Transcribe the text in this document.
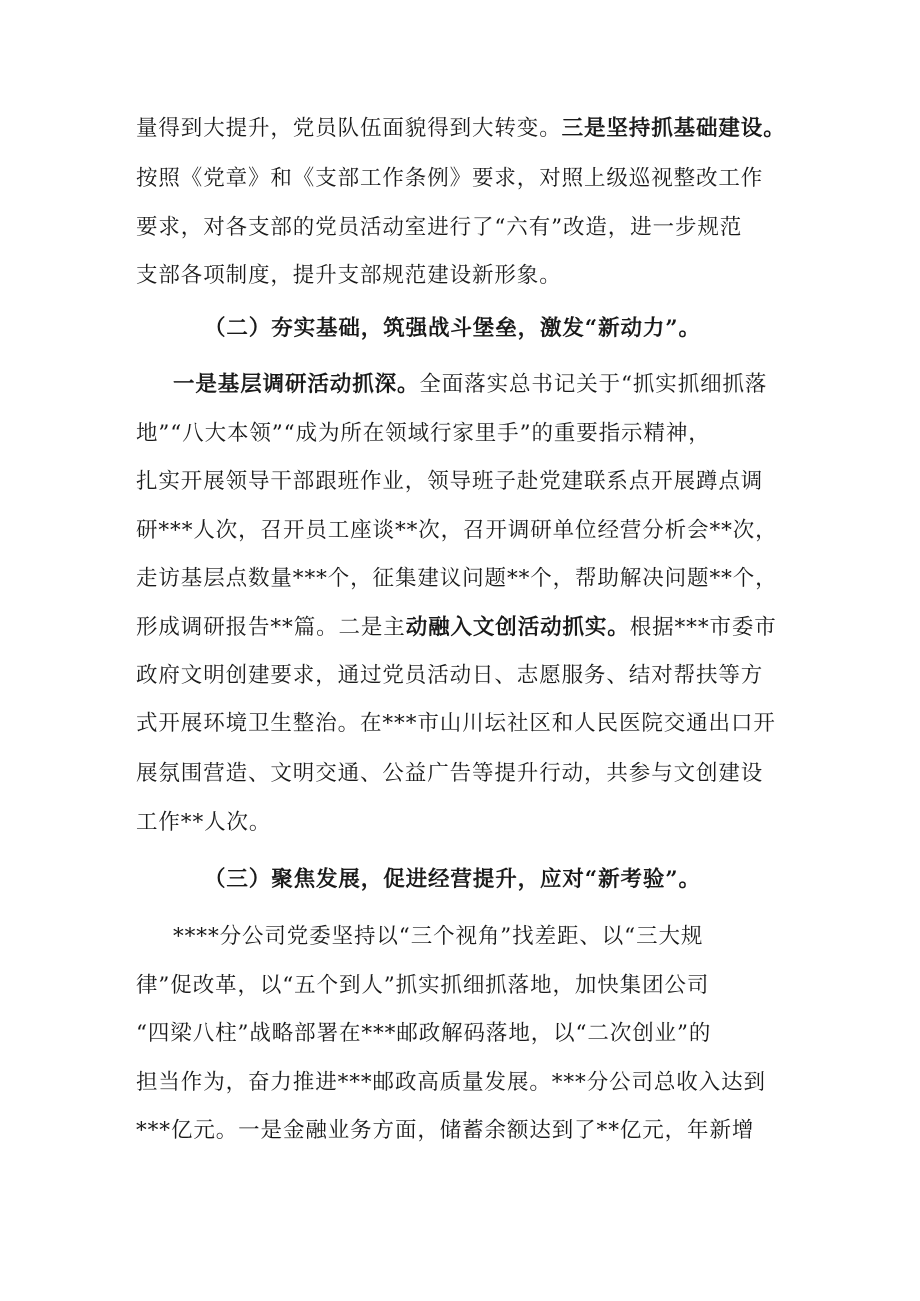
量得到大提升，党员队伍面貌得到大转变。三是坚持抓基础建设。
按照《党章》和《支部工作条例》要求，对照上级巡视整改工作
要求，对各支部的党员活动室进行了“六有”改造，进一步规范
支部各项制度，提升支部规范建设新形象。
（二）夯实基础，筑强战斗堡垒，激发“新动力”。
一是基层调研活动抓深。全面落实总书记关于“抓实抓细抓落
地”“八大本领”“成为所在领域行家里手”的重要指示精神，
扎实开展领导干部跟班作业，领导班子赴党建联系点开展蹲点调
研***人次，召开员工座谈**次，召开调研单位经营分析会**次，
走访基层点数量***个，征集建议问题**个，帮助解决问题**个，
形成调研报告**篇。二是主动融入文创活动抓实。根据***市委市
政府文明创建要求，通过党员活动日、志愿服务、结对帮扶等方
式开展环境卫生整治。在***市山川坛社区和人民医院交通出口开
展氛围营造、文明交通、公益广告等提升行动，共参与文创建设
工作**人次。
（三）聚焦发展，促进经营提升，应对“新考验”。
****分公司党委坚持以“三个视角”找差距、以“三大规
律”促改革，以“五个到人”抓实抓细抓落地，加快集团公司
“四梁八柱”战略部署在***邮政解码落地，以“二次创业”的
担当作为，奋力推进***邮政高质量发展。***分公司总收入达到
***亿元。一是金融业务方面，储蓄余额达到了**亿元，年新增
